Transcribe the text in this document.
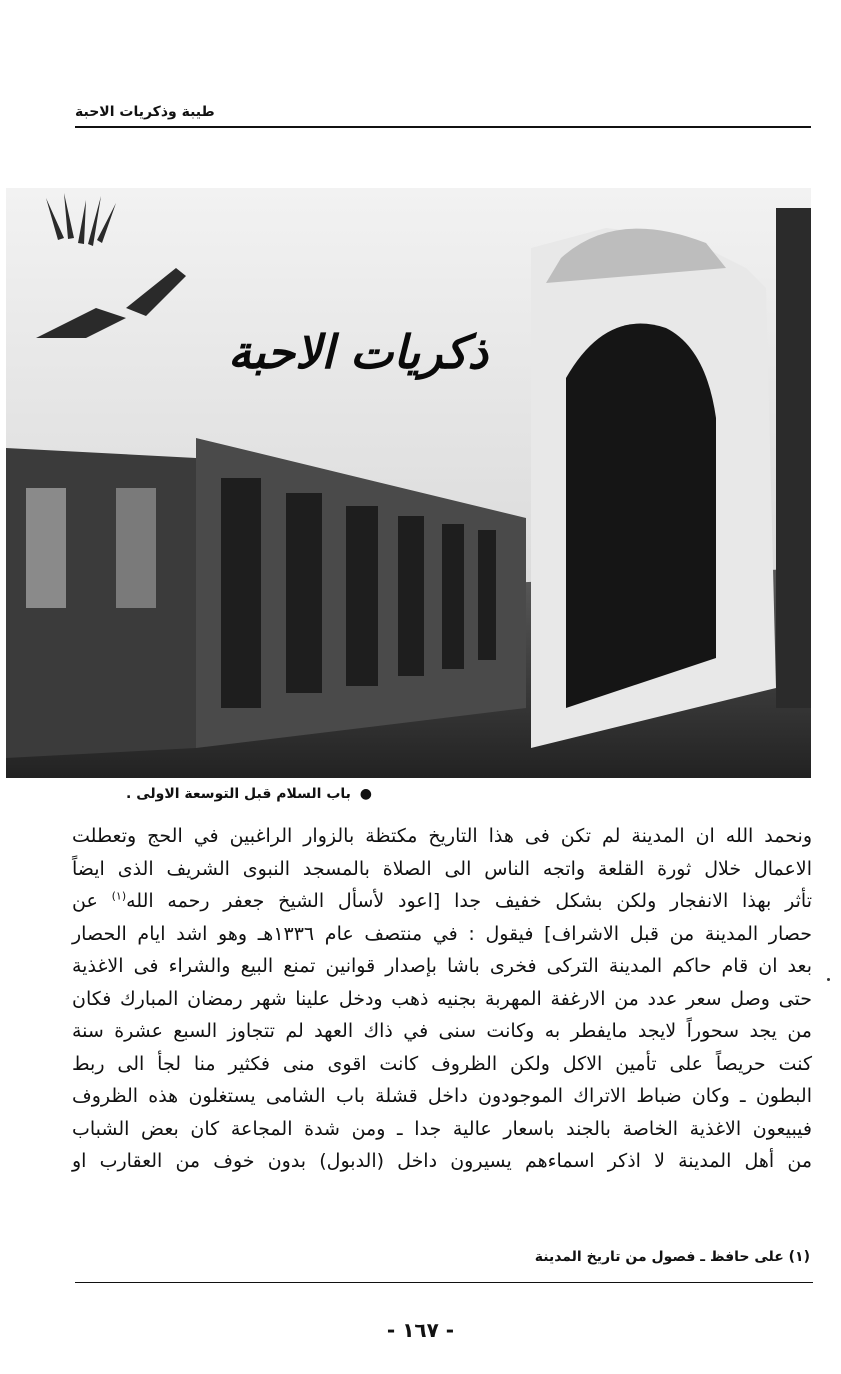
طيبة وذكريات الاحبة
ذكريات الاحبة
● باب السلام قبل التوسعة الاولى .
ونحمد الله ان المدينة لم تكن فى هذا التاريخ مكتظة بالزوار الراغبين في الحج وتعطلت
الاعمال خلال ثورة القلعة واتجه الناس الى الصلاة بالمسجد النبوى الشريف الذى ايضاً
تأثر بهذا الانفجار ولكن بشكل خفيف جدا [اعود لأسأل الشيخ جعفر رحمه الله$^{(١)}$ عن
حصار المدينة من قبل الاشراف] فيقول : في منتصف عام ١٣٣٦هـ وهو اشد ايام الحصار
بعد ان قام حاكم المدينة التركى فخرى باشا بإصدار قوانين تمنع البيع والشراء فى الاغذية
حتى وصل سعر عدد من الارغفة المهربة بجنيه ذهب ودخل علينا شهر رمضان المبارك فكان
من يجد سحوراً لايجد مايفطر به وكانت سنى في ذاك العهد لم تتجاوز السبع عشرة سنة
كنت حريصاً على تأمين الاكل ولكن الظروف كانت اقوى منى فكثير منا لجأ الى ربط
البطون ـ وكان ضباط الاتراك الموجودون داخل قشلة باب الشامى يستغلون هذه الظروف
فيبيعون الاغذية الخاصة بالجند باسعار عالية جدا ـ ومن شدة المجاعة كان بعض الشباب
من أهل المدينة لا اذكر اسماءهم يسيرون داخل (الدبول) بدون خوف من العقارب او
(١) على حافظ ـ فصول من تاريخ المدينة
- ١٦٧ -
